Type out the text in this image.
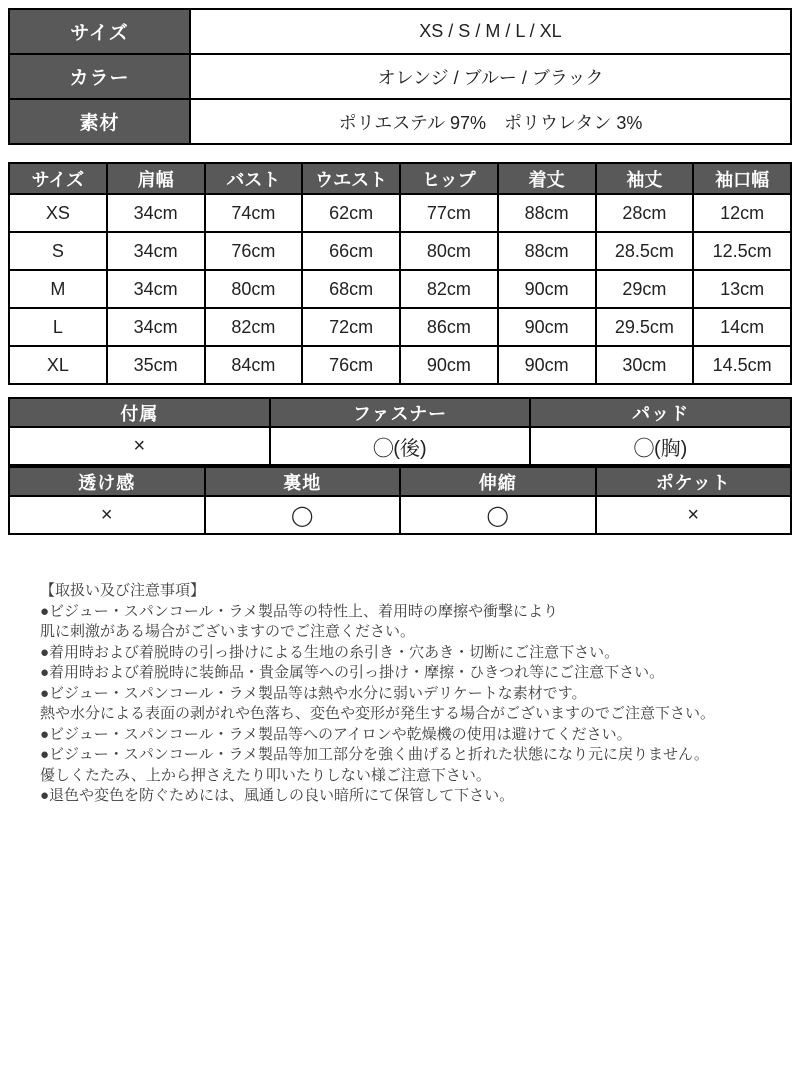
サイズ	XS / S / M / L / XL
カラー	オレンジ / ブルー / ブラック
素材	ポリエステル 97%　ポリウレタン 3%
サイズ	肩幅	バスト	ウエスト	ヒップ	着丈	袖丈	袖口幅
XS	34cm	74cm	62cm	77cm	88cm	28cm	12cm
S	34cm	76cm	66cm	80cm	88cm	28.5cm	12.5cm
M	34cm	80cm	68cm	82cm	90cm	29cm	13cm
L	34cm	82cm	72cm	86cm	90cm	29.5cm	14cm
XL	35cm	84cm	76cm	90cm	90cm	30cm	14.5cm
付属	ファスナー	パッド
×	◯(後)	◯(胸)
透け感	裏地	伸縮	ポケット
×	◯	◯	×
【取扱い及び注意事項】
●ビジュー・スパンコール・ラメ製品等の特性上、着用時の摩擦や衝撃により
肌に刺激がある場合がございますのでご注意ください。
●着用時および着脱時の引っ掛けによる生地の糸引き・穴あき・切断にご注意下さい。
●着用時および着脱時に装飾品・貴金属等への引っ掛け・摩擦・ひきつれ等にご注意下さい。
●ビジュー・スパンコール・ラメ製品等は熱や水分に弱いデリケートな素材です。
熱や水分による表面の剥がれや色落ち、変色や変形が発生する場合がございますのでご注意下さい。
●ビジュー・スパンコール・ラメ製品等へのアイロンや乾燥機の使用は避けてください。
●ビジュー・スパンコール・ラメ製品等加工部分を強く曲げると折れた状態になり元に戻りません。
優しくたたみ、上から押さえたり叩いたりしない様ご注意下さい。
●退色や変色を防ぐためには、風通しの良い暗所にて保管して下さい。
